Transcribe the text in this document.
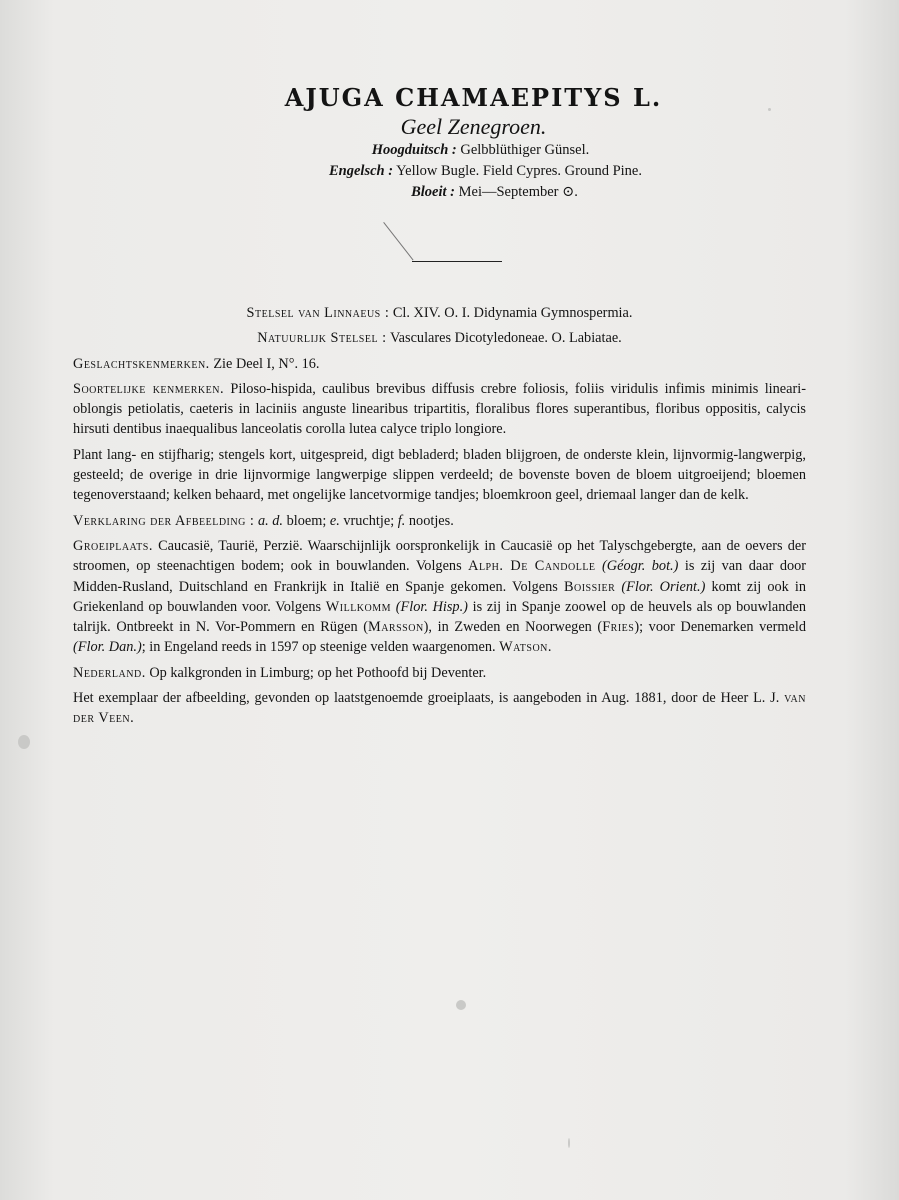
AJUGA CHAMAEPITYS L.
Geel Zenegroen.
Hoogduitsch : Gelbblüthiger Günsel.
Engelsch : Yellow Bugle. Field Cypres. Ground Pine.
Bloeit : Mei—September ⊙.

Stelsel van Linnaeus : Cl. XIV. O. I. Didynamia Gymnospermia.

Natuurlijk Stelsel : Vasculares Dicotyledoneae. O. Labiatae.

Geslachtskenmerken. Zie Deel I, N°. 16.

Soortelijke kenmerken. Piloso-hispida, caulibus brevibus diffusis crebre foliosis, foliis viridulis infimis minimis lineari-oblongis petiolatis, caeteris in laciniis anguste linearibus tripartitis, floralibus flores superantibus, floribus oppositis, calycis hirsuti dentibus inaequalibus lanceolatis corolla lutea calyce triplo longiore.

Plant lang- en stijfharig; stengels kort, uitgespreid, digt bebladerd; bladen blijgroen, de onderste klein, lijnvormig-langwerpig, gesteeld; de overige in drie lijnvormige langwerpige slippen verdeeld; de bovenste boven de bloem uitgroeijend; bloemen tegenoverstaand; kelken behaard, met ongelijke lancetvormige tandjes; bloemkroon geel, driemaal langer dan de kelk.

Verklaring der Afbeelding : a. d. bloem; e. vruchtje; f. nootjes.

Groeiplaats. Caucasië, Taurië, Perzië. Waarschijnlijk oorspronkelijk in Caucasië op het Talyschgebergte, aan de oevers der stroomen, op steenachtigen bodem; ook in bouwlanden. Volgens Alph. De Candolle (Géogr. bot.) is zij van daar door Midden-Rusland, Duitschland en Frankrijk in Italië en Spanje gekomen. Volgens Boissier (Flor. Orient.) komt zij ook in Griekenland op bouwlanden voor. Volgens Willkomm (Flor. Hisp.) is zij in Spanje zoowel op de heuvels als op bouwlanden talrijk. Ontbreekt in N. Vor-Pommern en Rügen (Marsson), in Zweden en Noorwegen (Fries); voor Denemarken vermeld (Flor. Dan.); in Engeland reeds in 1597 op steenige velden waargenomen. Watson.

Nederland. Op kalkgronden in Limburg; op het Pothoofd bij Deventer.

Het exemplaar der afbeelding, gevonden op laatstgenoemde groeiplaats, is aangeboden in Aug. 1881, door de Heer L. J. van der Veen.
